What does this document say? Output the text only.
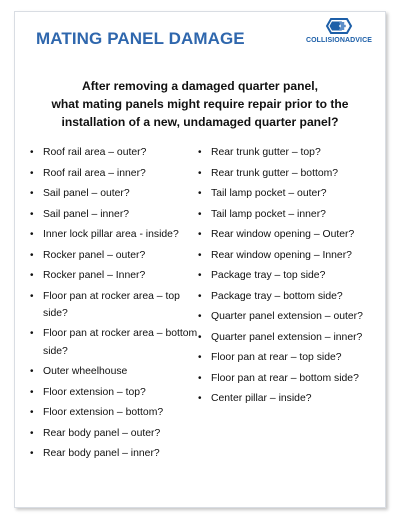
MATING PANEL DAMAGE	COLLISIONADVICE
After removing a damaged quarter panel,
what mating panels might require repair prior to the
installation of a new, undamaged quarter panel?
• Roof rail area – outer?
• Roof rail area – inner?
• Sail panel – outer?
• Sail panel – inner?
• Inner lock pillar area - inside?
• Rocker panel – outer?
• Rocker panel – Inner?
• Floor pan at rocker area – top side?
• Floor pan at rocker area – bottom side?
• Outer wheelhouse
• Floor extension – top?
• Floor extension – bottom?
• Rear body panel – outer?
• Rear body panel – inner?
• Rear trunk gutter – top?
• Rear trunk gutter – bottom?
• Tail lamp pocket – outer?
• Tail lamp pocket – inner?
• Rear window opening – Outer?
• Rear window opening – Inner?
• Package tray – top side?
• Package tray – bottom side?
• Quarter panel extension – outer?
• Quarter panel extension – inner?
• Floor pan at rear – top side?
• Floor pan at rear – bottom side?
• Center pillar – inside?
